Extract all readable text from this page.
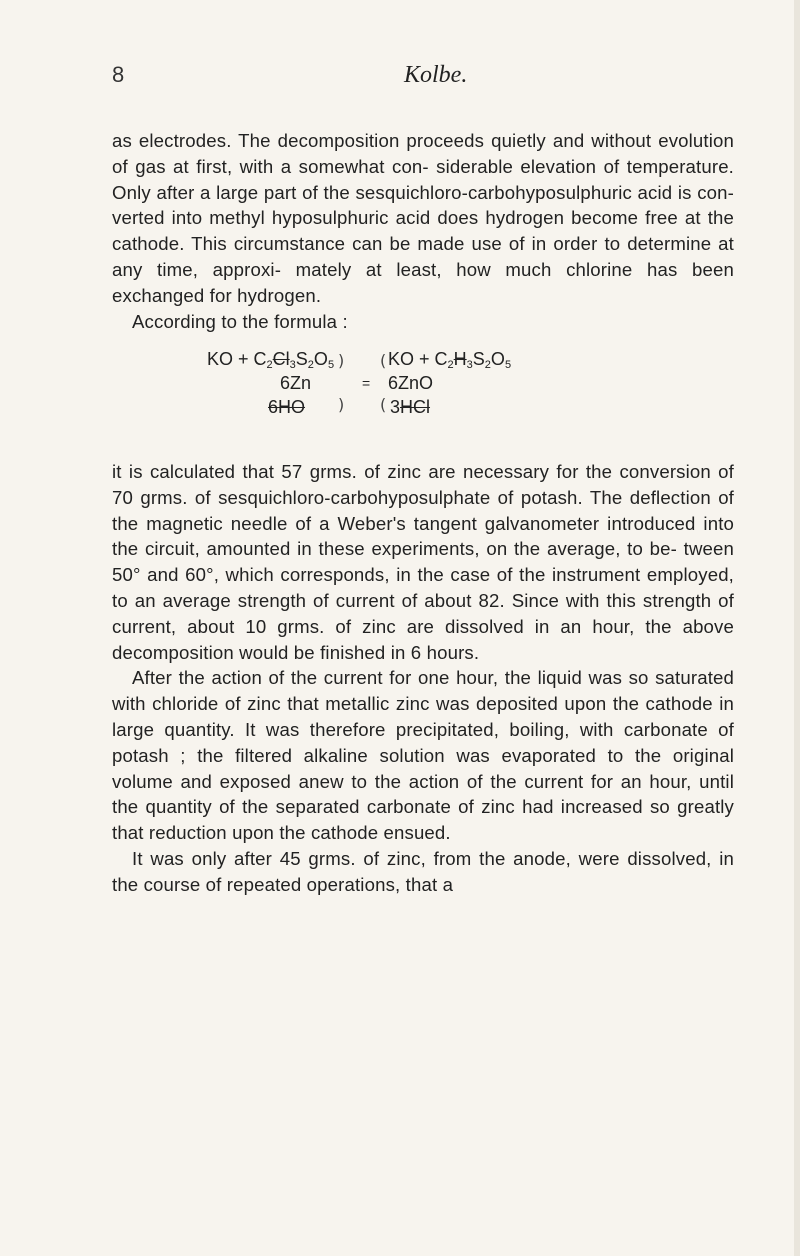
8	Kolbe.

as electrodes. The decomposition proceeds quietly and without evolution of gas at first, with a somewhat con- siderable elevation of temperature. Only after a large part of the sesquichloro-carbohyposulphuric acid is con- verted into methyl hyposulphuric acid does hydrogen become free at the cathode. This circumstance can be made use of in order to determine at any time, approxi- mately at least, how much chlorine has been exchanged for hydrogen.

According to the formula :

KO + $C_2Cl_3S_2O_5$
6Zn
6HO
)
)
=
(
(
KO + $C_2H_3S_2O_5$
6ZnO
3HCl

it is calculated that 57 grms. of zinc are necessary for the conversion of 70 grms. of sesquichloro-carbohyposulphate of potash. The deflection of the magnetic needle of a Weber's tangent galvanometer introduced into the circuit, amounted in these experiments, on the average, to be- tween 50° and 60°, which corresponds, in the case of the instrument employed, to an average strength of current of about 82. Since with this strength of current, about 10 grms. of zinc are dissolved in an hour, the above decomposition would be finished in 6 hours.

After the action of the current for one hour, the liquid was so saturated with chloride of zinc that metallic zinc was deposited upon the cathode in large quantity. It was therefore precipitated, boiling, with carbonate of potash ; the filtered alkaline solution was evaporated to the original volume and exposed anew to the action of the current for an hour, until the quantity of the separated carbonate of zinc had increased so greatly that reduction upon the cathode ensued.

It was only after 45 grms. of zinc, from the anode, were dissolved, in the course of repeated operations, that a
